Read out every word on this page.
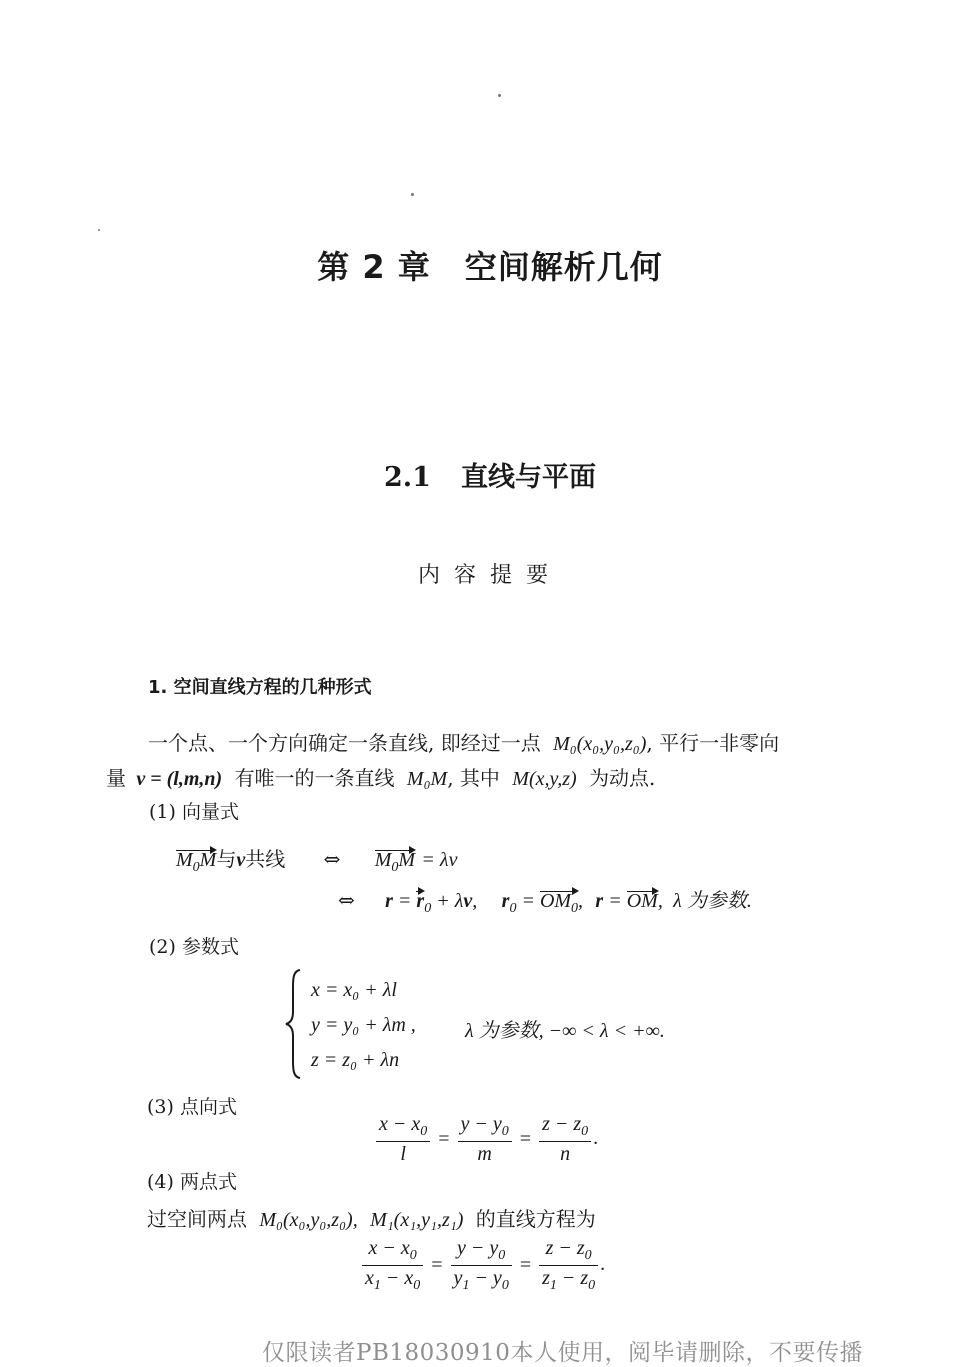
第 2 章 空间解析几何
2.1 直线与平面
内容提要
1. 空间直线方程的几种形式
一个点、一个方向确定一条直线, 即经过一点 M₀(x₀,y₀,z₀), 平行一非零向
量 v = (l,m,n) 有唯一的一条直线 M₀M, 其中 M(x,y,z) 为动点.
(1) 向量式
$M_0M$与v共线 ⇔ $M_0M = \lambda v$
⇔ $r = r_0 + \lambda v$, $r_0 = OM_0$, r = OM, λ 为参数.
(2) 参数式
x = x₀ + λl
y = y₀ + λm ,
z = z₀ + λn
λ 为参数, −∞ < λ < +∞.
(3) 点向式
$\frac{x - x_0}{l} = \frac{y - y_0}{m} = \frac{z - z_0}{n}$ .
(4) 两点式
过空间两点 M₀(x₀,y₀,z₀), M₁(x₁,y₁,z₁) 的直线方程为
$\frac{x - x_0}{x_1 - x_0} = \frac{y - y_0}{y_1 - y_0} = \frac{z - z_0}{z_1 - z_0}$ .
仅限读者PB18030910本人使用，阅毕请删除，不要传播
